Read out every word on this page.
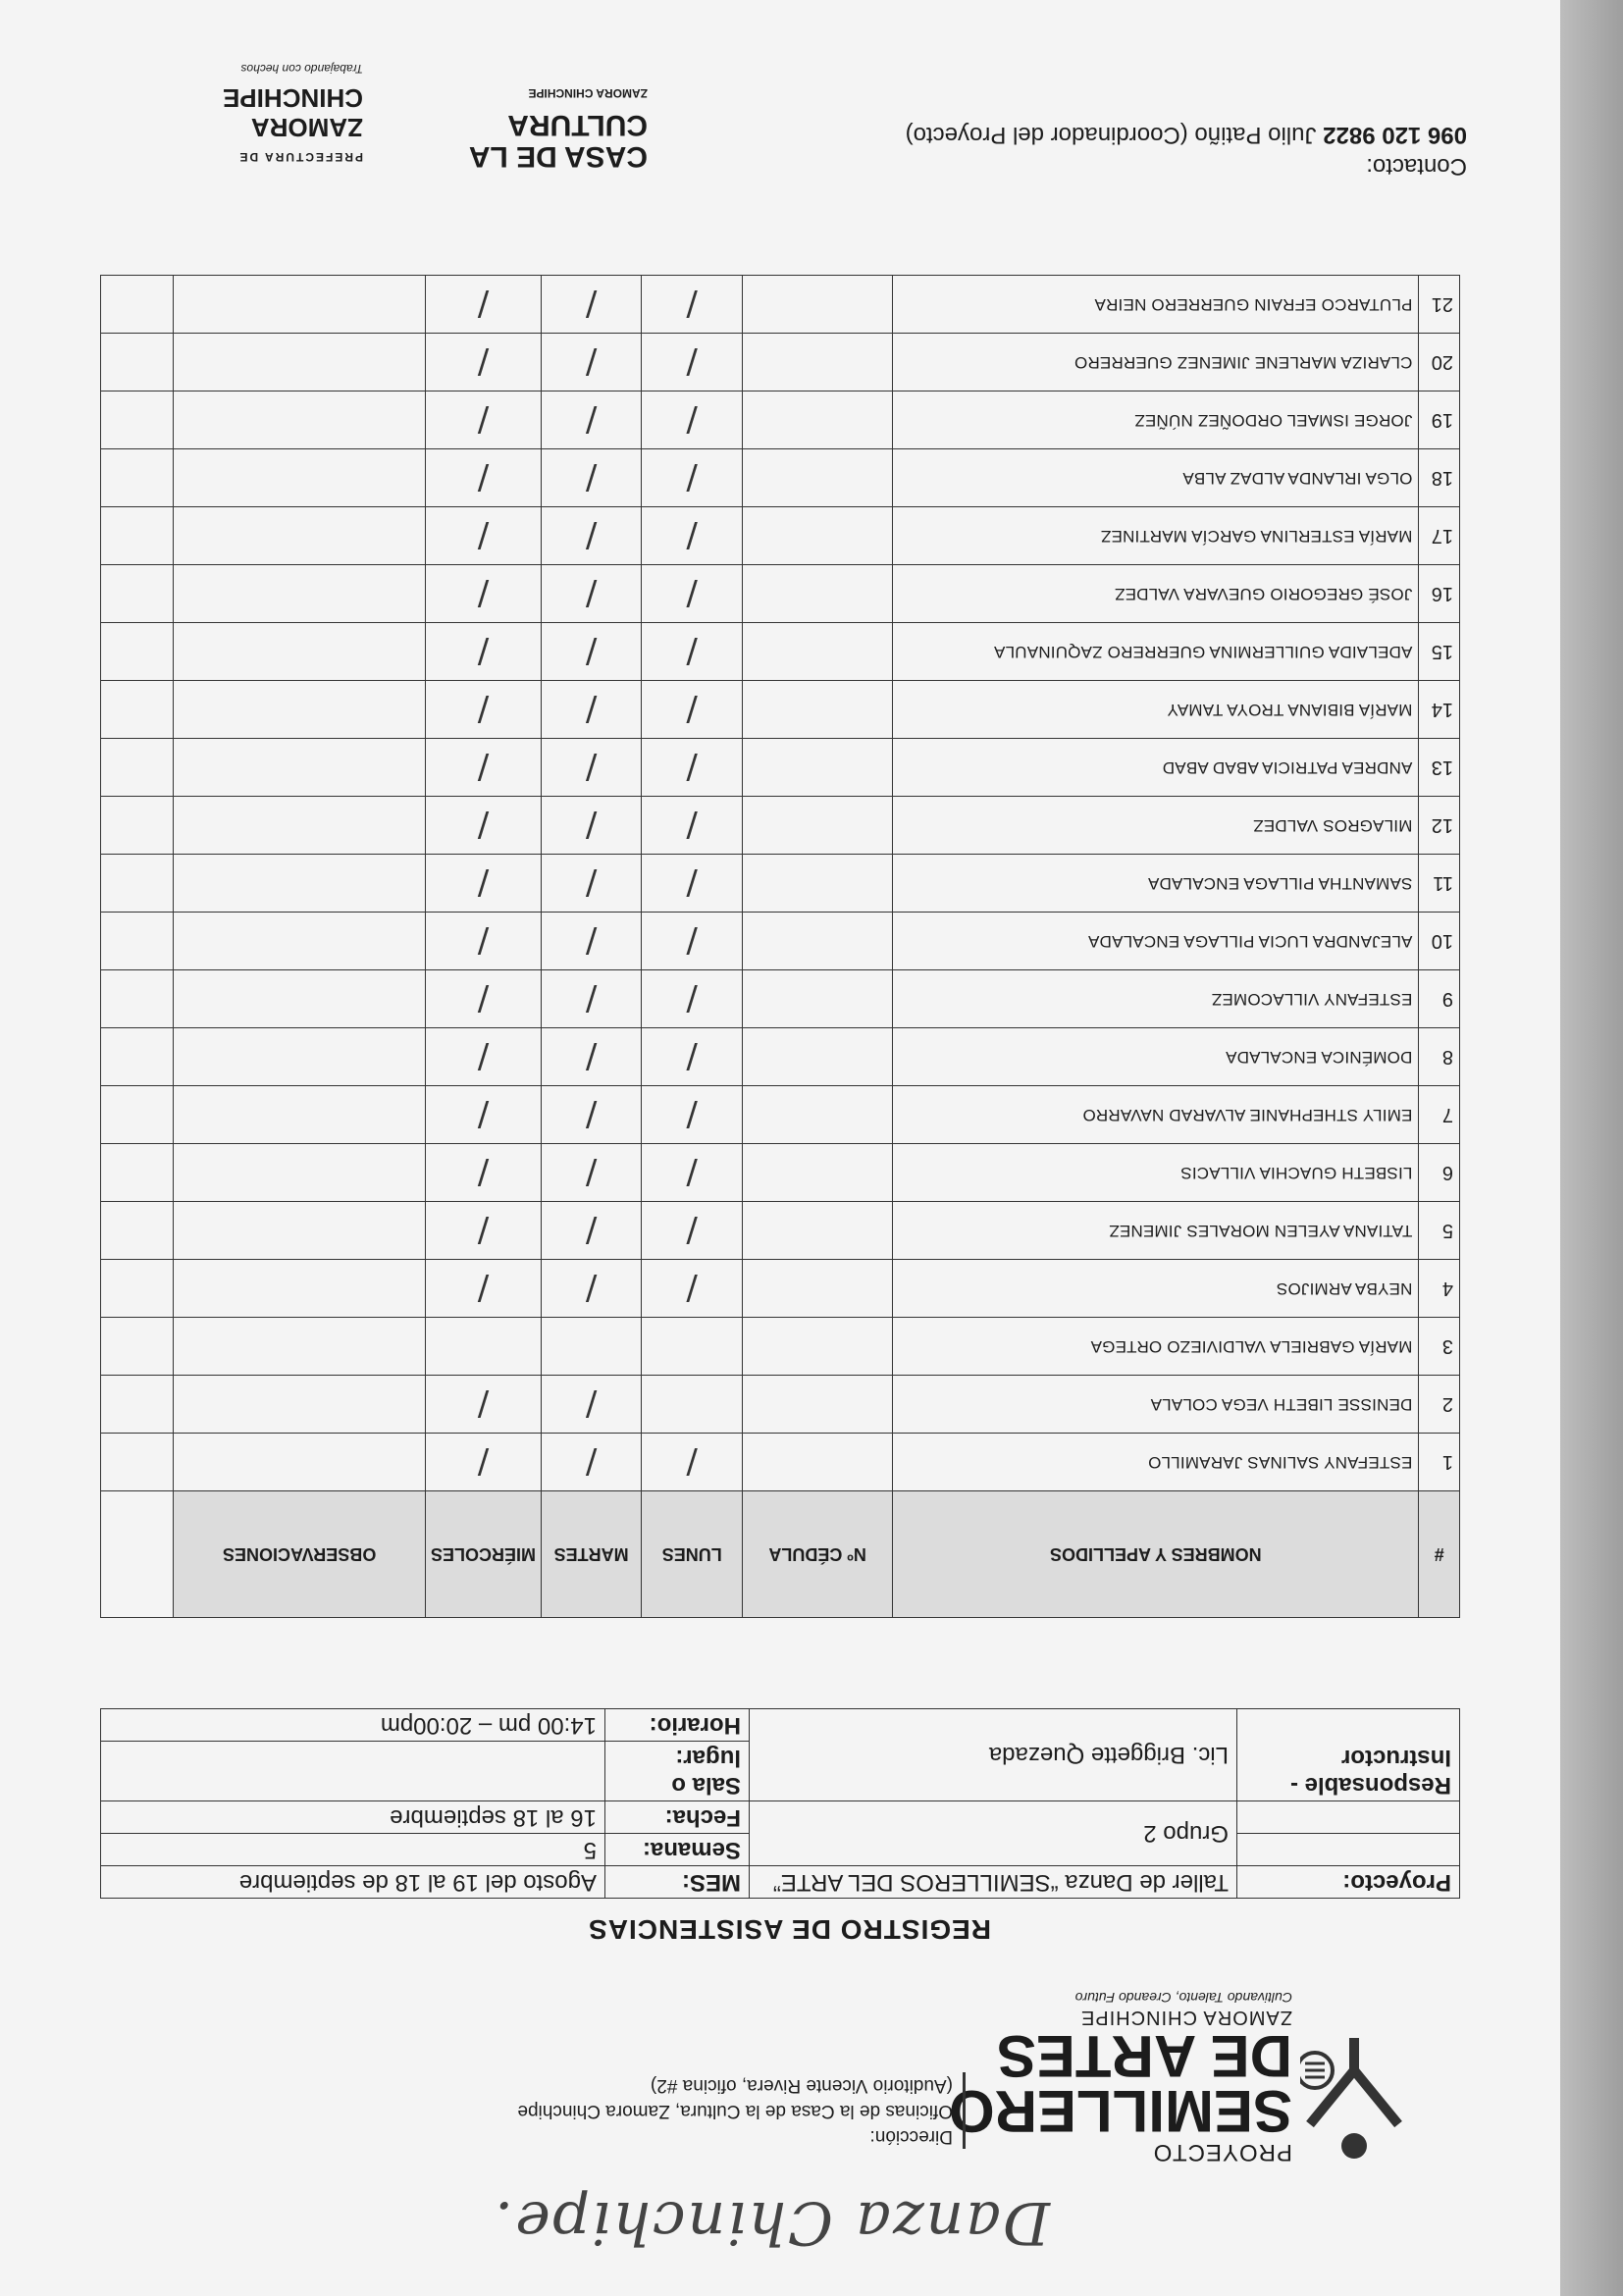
Danza Chinchipe.
PROYECTO
SEMILLERO
DE ARTES
ZAMORA CHINCHIPE
Cultivando Talento, Creando Futuro
Dirección:
Oficinas de la Casa de la Cultura, Zamora Chinchipe
(Auditorio Vicente Rivera, oficina #2)
REGISTRO DE ASISTENCIAS
Proyecto:	Taller de Danza “SEMILLEROS DEL ARTE”	MES:	Agosto del 19 al 18 de septiembre
	Grupo 2	Semana:	5
		Fecha:	16 al 18 septiembre
Responsable - Instructor	Lic. Briggette Quezada	Sala o lugar:	
		Horario:	14:00 pm – 20:00pm
#	NOMBRES Y APELLIDOS	Nº CÉDULA	LUNES	MARTES	MIÉRCOLES	OBSERVACIONES	
1	ESTEFANY SALINAS JARAMILLO		/	/	/		
2	DENISSE LIBETH VEGA COLALA			/	/		
3	MARÍA GABRIELA VALDIVIEZO ORTEGA						
4	NEYBA ARMIJOS		/	/	/		
5	TATIANA AYELEN MORALES JIMENEZ		/	/	/		
6	LISBETH GUACHIA VILLACIS		/	/	/		
7	EMILY STHEPHANIE ALVARAD NAVARRO		/	/	/		
8	DOMÉNICA ENCALADA		/	/	/		
9	ESTEFANY VILLACOMEZ		/	/	/		
10	ALEJANDRA LUCIA PILLAGA ENCALADA		/	/	/		
11	SAMANTHA PILLAGA ENCALADA		/	/	/		
12	MILAGROS VALDEZ		/	/	/		
13	ANDREA PATRICIA ABAD ABAD		/	/	/		
14	MARÍA BIBIANA TROYA TAMAY		/	/	/		
15	ADELAIDA GUILLERMINA GUERRERO ZAQUINAULA		/	/	/		
16	JOSÉ GREGORIO GUEVARA VALDEZ		/	/	/		
17	MARÍA ESTERLINA GARCÍA MARTINEZ		/	/	/		
18	OLGA IRLANDA ALDAZ ALBA		/	/	/		
19	JORGE ISMAEL ORDOÑEZ NÚÑEZ		/	/	/		
20	CLARIZA MARLENE JIMENEZ GUERRERO		/	/	/		
21	PLUTARCO EFRAIN GUERRERO NEIRA		/	/	/		
Contacto:
096 120 9822 Julio Patiño (Coordinador del Proyecto)
CASA DE LA
CULTURA
ZAMORA CHINCHIPE
PREFECTURA DE
ZAMORA
CHINCHIPE
Trabajando con hechos
